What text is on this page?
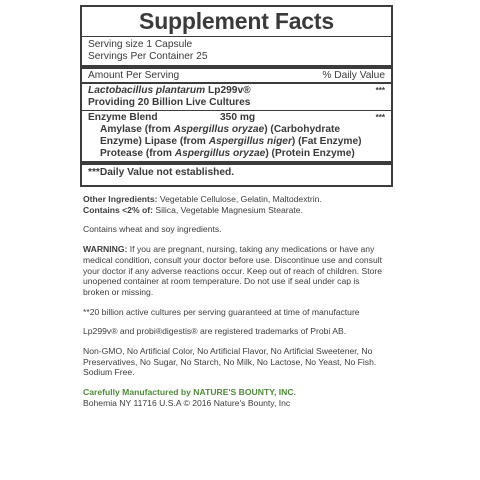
Supplement Facts
Serving size 1 Capsule
Servings Per Container 25
Amount Per Serving	% Daily Value
Lactobacillus plantarum Lp299v®	***
Providing 20 Billion Live Cultures
Enzyme Blend	350 mg	***
Amylase (from Aspergillus oryzae) (Carbohydrate
Enzyme) Lipase (from Aspergillus niger) (Fat Enzyme)
Protease (from Aspergillus oryzae) (Protein Enzyme)
***Daily Value not established.

Other Ingredients: Vegetable Cellulose, Gelatin, Maltodextrin.
Contains <2% of: Silica, Vegetable Magnesium Stearate.

Contains wheat and soy ingredients.

WARNING: If you are pregnant, nursing, taking any medications or have any medical condition, consult your doctor before use. Discontinue use and consult your doctor if any adverse reactions occur. Keep out of reach of children. Store unopened container at room temperature. Do not use if seal under cap is broken or missing.

**20 billion active cultures per serving guaranteed at time of manufacture

Lp299v® and probi®digestis® are registered trademarks of Probi AB.

Non-GMO, No Artificial Color, No Artificial Flavor, No Artificial Sweetener, No Preservatives, No Sugar, No Starch, No Milk, No Lactose, No Yeast, No Fish. Sodium Free.

Carefully Manufactured by NATURE'S BOUNTY, INC.
Bohemia NY 11716 U.S.A © 2016 Nature's Bounty, Inc
